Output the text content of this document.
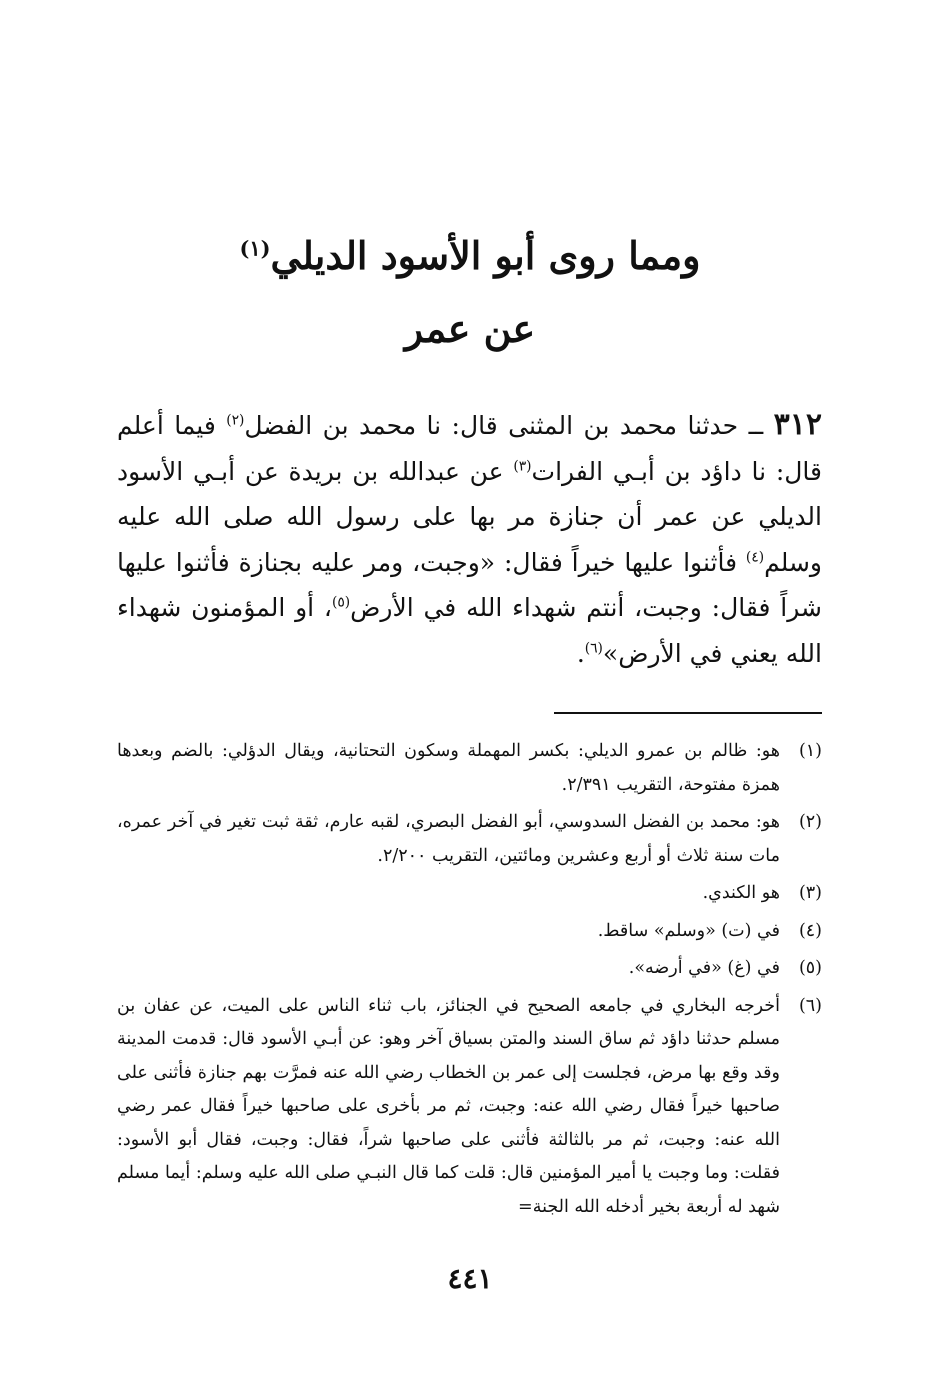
ومما روى أبو الأسود الديلي$^{(١)}$
عن عمر
٣١٢ ــ حدثنا محمد بن المثنى قال: نا محمد بن الفضل$^{(٢)}$ فيما أعلم قال: نا داؤد بن أبـي الفرات$^{(٣)}$ عن عبدالله بن بريدة عن أبـي الأسود الديلي عن عمر أن جنازة مر بها على رسول الله صلى الله عليه وسلم$^{(٤)}$ فأثنوا عليها خيراً فقال: «وجبت، ومر عليه بجنازة فأثنوا عليها شراً فقال: وجبت، أنتم شهداء الله في الأرض$^{(٥)}$، أو المؤمنون شهداء الله يعني في الأرض»$^{(٦)}$.
(١)
هو: ظالم بن عمرو الديلي: بكسر المهملة وسكون التحتانية، ويقال الدؤلي: بالضم وبعدها همزة مفتوحة، التقريب ٢/٣٩١.
(٢)
هو: محمد بن الفضل السدوسي، أبو الفضل البصري، لقبه عارم، ثقة ثبت تغير في آخر عمره، مات سنة ثلاث أو أربع وعشرين ومائتين، التقريب ٢/٢٠٠.
(٣)
هو الكندي.
(٤)
في (ت) «وسلم» ساقط.
(٥)
في (غ) «في أرضه».
(٦)
أخرجه البخاري في جامعه الصحيح في الجنائز، باب ثناء الناس على الميت، عن عفان بن مسلم حدثنا داؤد ثم ساق السند والمتن بسياق آخر وهو: عن أبـي الأسود قال: قدمت المدينة وقد وقع بها مرض، فجلست إلى عمر بن الخطاب رضي الله عنه فمرَّت بهم جنازة فأثنى على صاحبها خيراً فقال رضي الله عنه: وجبت، ثم مر بأخرى على صاحبها خيراً فقال عمر رضي الله عنه: وجبت، ثم مر بالثالثة فأثنى على صاحبها شراً، فقال: وجبت، فقال أبو الأسود: فقلت: وما وجبت يا أمير المؤمنين قال: قلت كما قال النبـي صلى الله عليه وسلم: أيما مسلم شهد له أربعة بخير أدخله الله الجنة=
٤٤١
